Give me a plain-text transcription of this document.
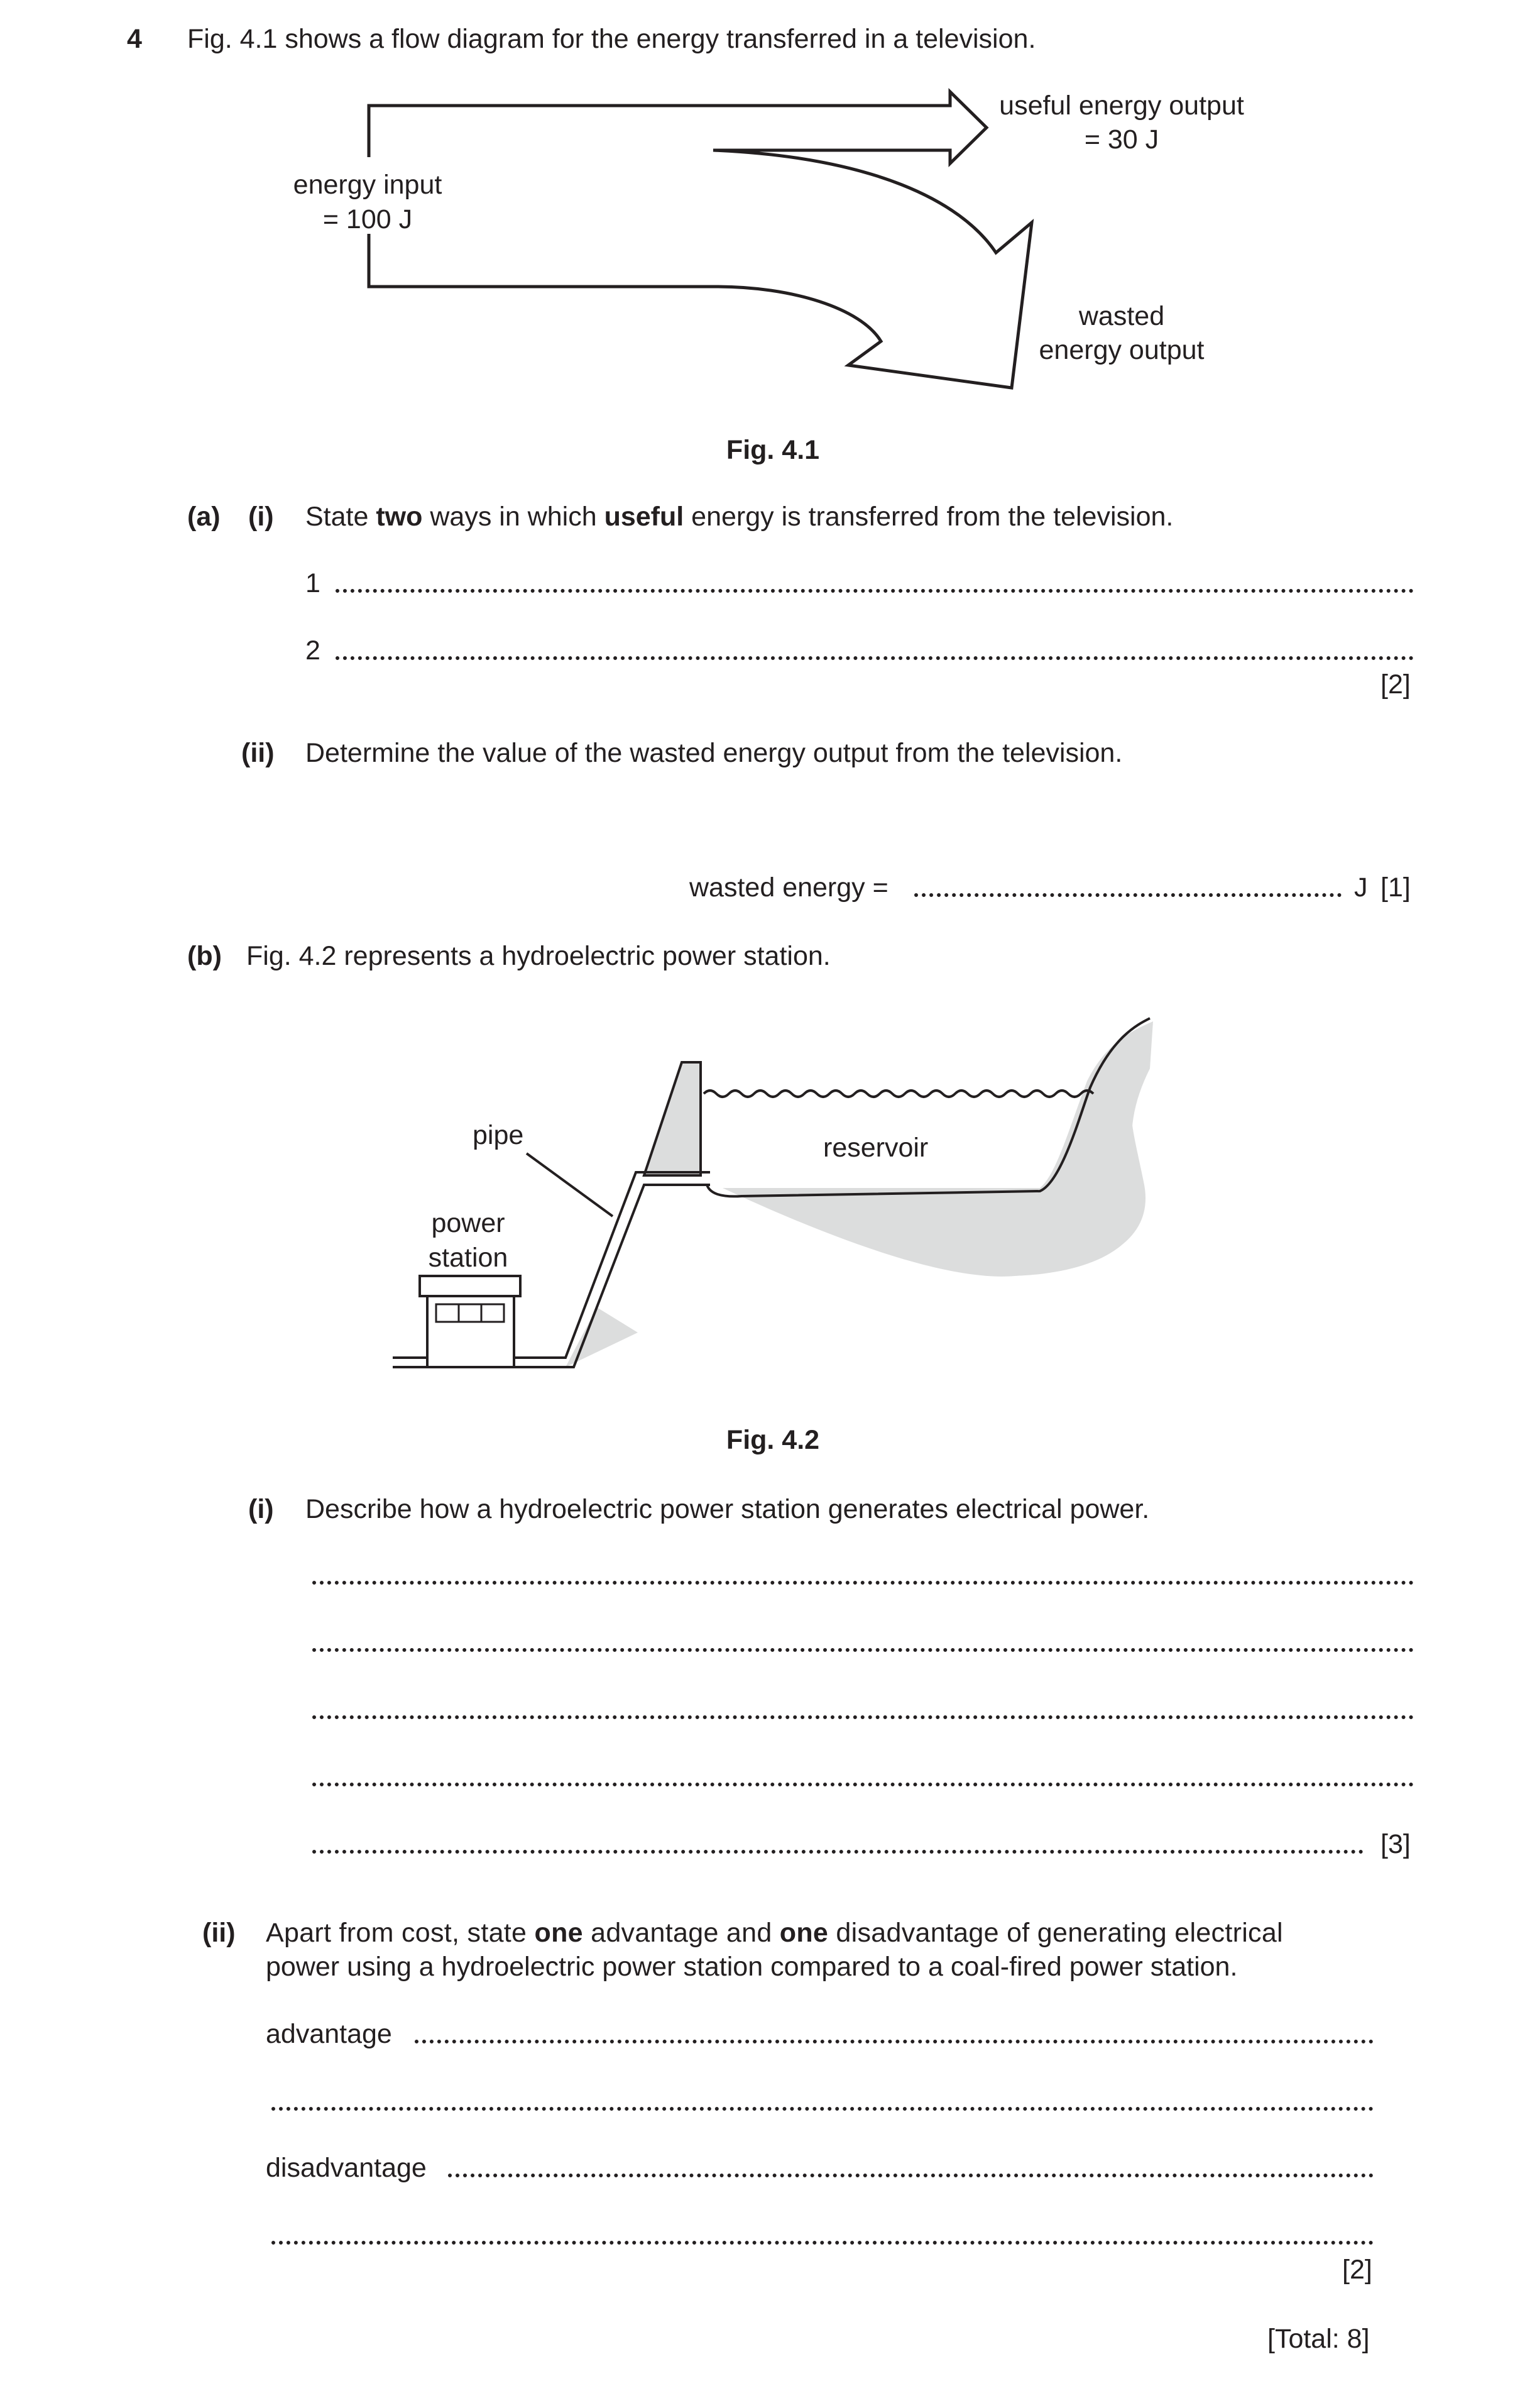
4 Fig. 4.1 shows a flow diagram for the energy transferred in a television.
useful energy output
= 30 J
energy input
= 100 J
wasted
energy output
Fig. 4.1
(a) (i) State two ways in which useful energy is transferred from the television.
1
2
[2]
(ii) Determine the value of the wasted energy output from the television.
wasted energy =	J [1]
(b) Fig. 4.2 represents a hydroelectric power station.
pipe	reservoir
power
station
Fig. 4.2
(i) Describe how a hydroelectric power station generates electrical power.
[3]
(ii) Apart from cost, state one advantage and one disadvantage of generating electrical
power using a hydroelectric power station compared to a coal-fired power station.
advantage
disadvantage
[2]
[Total: 8]
